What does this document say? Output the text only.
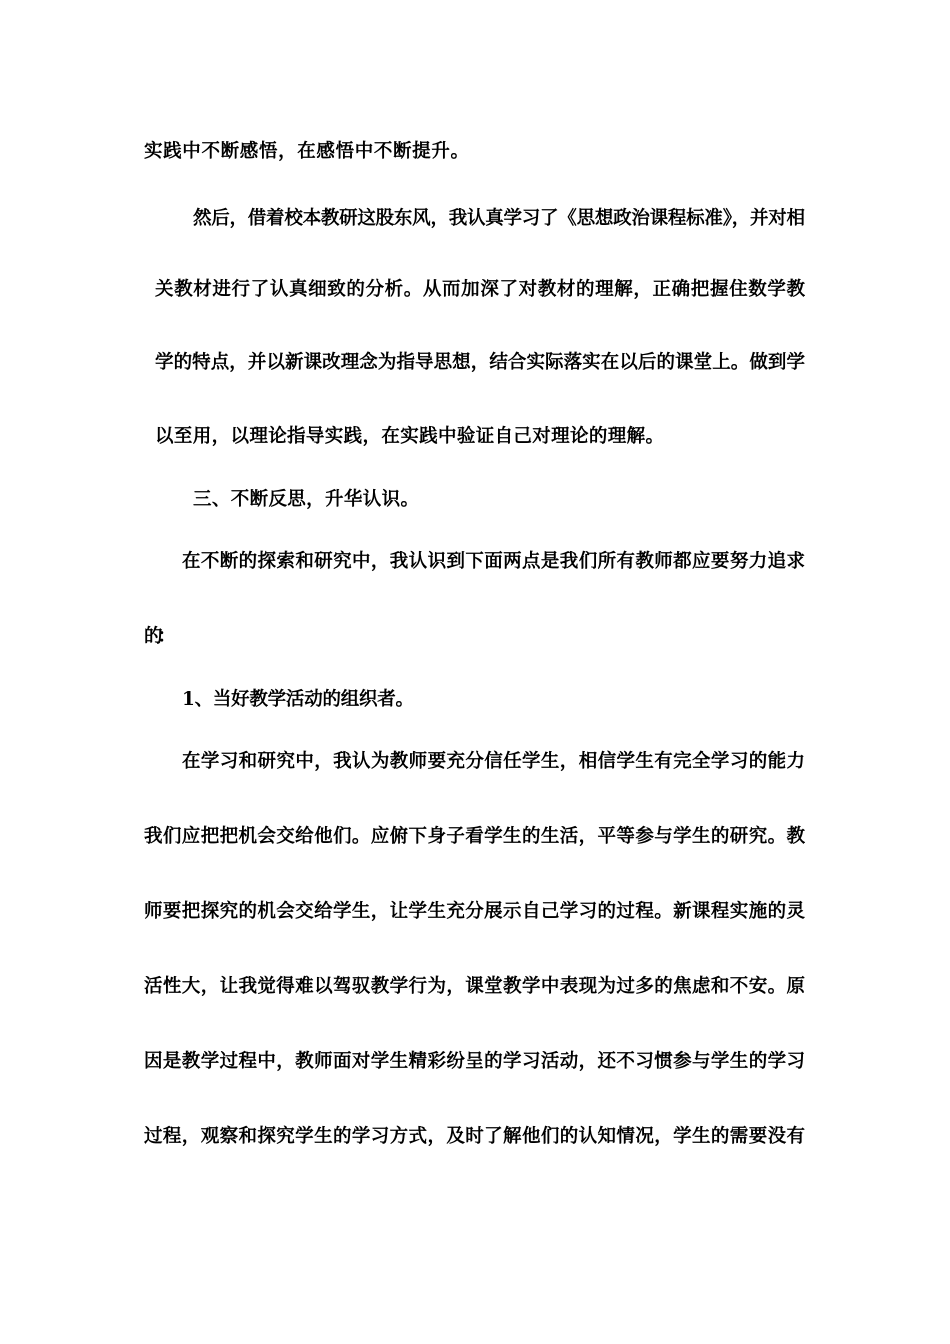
实践中不断感悟，在感悟中不断提升。
然后，借着校本教研这股东风，我认真学习了《思想政治课程标准》，并对相
关教材进行了认真细致的分析。从而加深了对教材的理解，正确把握住数学教
学的特点，并以新课改理念为指导思想，结合实际落实在以后的课堂上。做到学
以至用，以理论指导实践，在实践中验证自己对理论的理解。
三、不断反思，升华认识。
在不断的探索和研究中，我认识到下面两点是我们所有教师都应要努力追求
的：
1、当好教学活动的组织者。
在学习和研究中，我认为教师要充分信任学生，相信学生有完全学习的能力
我们应把把机会交给他们。应俯下身子看学生的生活，平等参与学生的研究。教
师要把探究的机会交给学生，让学生充分展示自己学习的过程。新课程实施的灵
活性大，让我觉得难以驾驭教学行为，课堂教学中表现为过多的焦虑和不安。原
因是教学过程中，教师面对学生精彩纷呈的学习活动，还不习惯参与学生的学习
过程，观察和探究学生的学习方式，及时了解他们的认知情况，学生的需要没有
